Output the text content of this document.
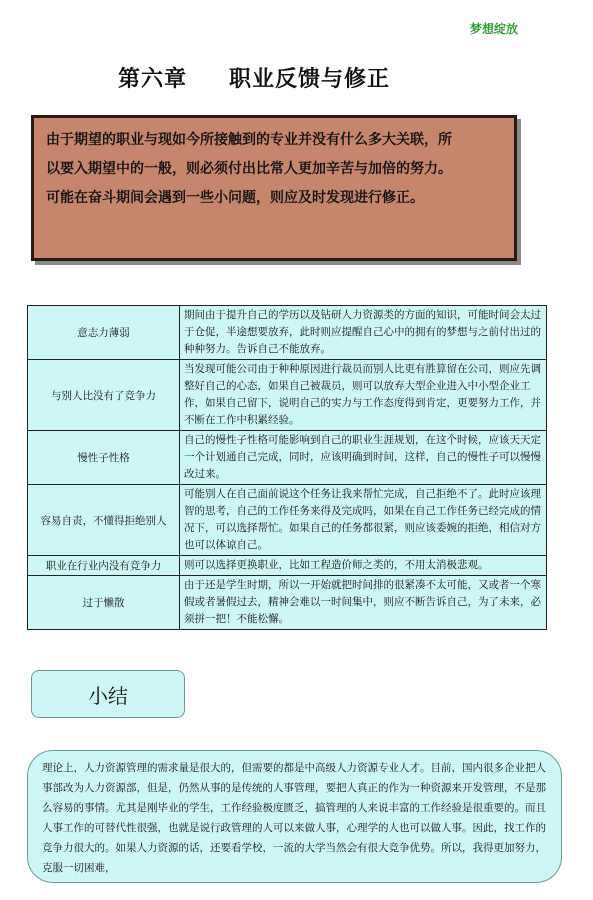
梦想绽放
第六章 职业反馈与修正

由于期望的职业与现如今所接触到的专业并没有什么多大关联，所

以要入期望中的一般，则必须付出比常人更加辛苦与加倍的努力。

可能在奋斗期间会遇到一些小问题，则应及时发现进行修正。

意志力薄弱	期间由于提升自己的学历以及钻研人力资源类的方面的知识，可能时间会太过于仓促，半途想要放弃，此时则应提醒自己心中的拥有的梦想与之前付出过的种种努力。告诉自己不能放弃。
与别人比没有了竞争力	当发现可能公司由于种种原因进行裁员而别人比更有胜算留在公司，则应先调整好自己的心态，如果自己被裁员，则可以放弃大型企业进入中小型企业工作，如果自己留下，说明自己的实力与工作态度得到肯定，更要努力工作，并不断在工作中积累经验。
慢性子性格	自己的慢性子性格可能影响到自己的职业生涯规划，在这个时候，应该天天定一个计划通自己完成，同时，应该明确到时间，这样，自己的慢性子可以慢慢改过来。
容易自责，不懂得拒绝别人	可能别人在自己面前说这个任务让我来帮忙完成，自己拒绝不了。此时应该理智的思考，自己的工作任务来得及完成吗，如果在自己工作任务已经完成的情况下，可以选择帮忙。如果自己的任务都很紧，则应该委婉的拒绝，相信对方也可以体谅自己。
职业在行业内没有竞争力	则可以选择更换职业，比如工程造价师之类的，不用太消极悲观。
过于懒散	由于还是学生时期，所以一开始就把时间排的很紧凑不太可能，又或者一个寒假或者暑假过去，精神会难以一时间集中，则应不断告诉自己，为了未来，必须拼一把！不能松懈。
小结
理论上，人力资源管理的需求量是很大的，但需要的都是中高级人力资源专业人才。目前，国内很多企业把人事部改为人力资源部，但是，仍然从事的是传统的人事管理，要把人真正的作为一种资源来开发管理，不是那么容易的事情。尤其是刚毕业的学生，工作经验极度匮乏，搞管理的人来说丰富的工作经验是很重要的。而且人事工作的可替代性很强，也就是说行政管理的人可以来做人事，心理学的人也可以做人事。因此，找工作的竞争力很大的。如果人力资源的话，还要看学校，一流的大学当然会有很大竞争优势。所以，我得更加努力，克服一切困难，
